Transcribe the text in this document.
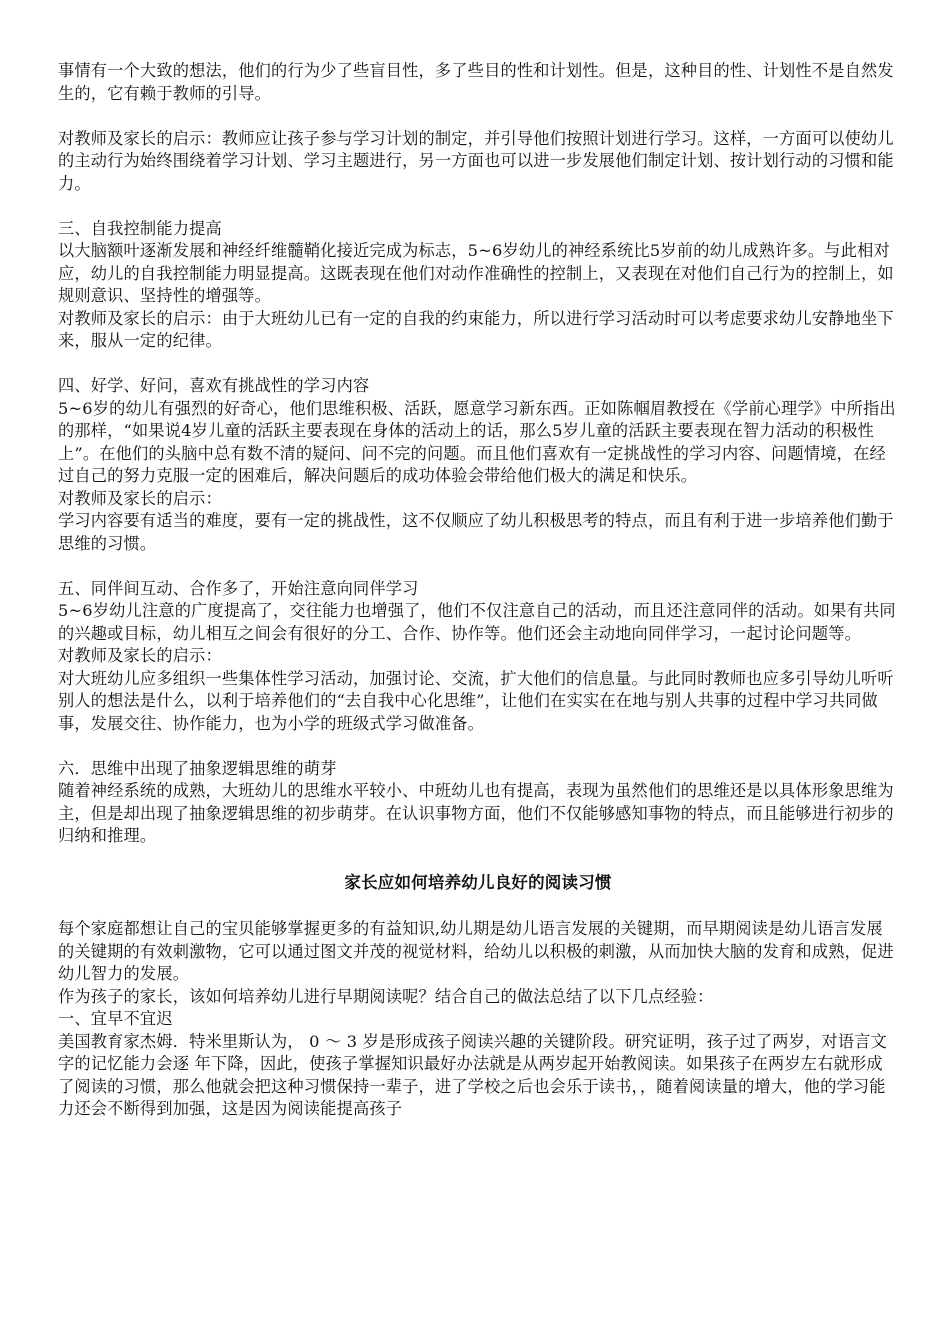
事情有一个大致的想法，他们的行为少了些盲目性，多了些目的性和计划性。但是，这种目的性、计划性不是自然发生的，它有赖于教师的引导。

对教师及家长的启示：教师应让孩子参与学习计划的制定，并引导他们按照计划进行学习。这样，一方面可以使幼儿的主动行为始终围绕着学习计划、学习主题进行，另一方面也可以进一步发展他们制定计划、按计划行动的习惯和能力。

三、自我控制能力提高

以大脑额叶逐渐发展和神经纤维髓鞘化接近完成为标志，5~6岁幼儿的神经系统比5岁前的幼儿成熟许多。与此相对应，幼儿的自我控制能力明显提高。这既表现在他们对动作准确性的控制上，又表现在对他们自己行为的控制上，如规则意识、坚持性的增强等。

对教师及家长的启示：由于大班幼儿已有一定的自我的约束能力，所以进行学习活动时可以考虑要求幼儿安静地坐下来，服从一定的纪律。

四、好学、好问，喜欢有挑战性的学习内容

5~6岁的幼儿有强烈的好奇心，他们思维积极、活跃，愿意学习新东西。正如陈帼眉教授在《学前心理学》中所指出的那样，“如果说4岁儿童的活跃主要表现在身体的活动上的话，那么5岁儿童的活跃主要表现在智力活动的积极性上”。在他们的头脑中总有数不清的疑问、问不完的问题。而且他们喜欢有一定挑战性的学习内容、问题情境，在经过自己的努力克服一定的困难后，解决问题后的成功体验会带给他们极大的满足和快乐。

对教师及家长的启示：

学习内容要有适当的难度，要有一定的挑战性，这不仅顺应了幼儿积极思考的特点，而且有利于进一步培养他们勤于思维的习惯。

五、同伴间互动、合作多了，开始注意向同伴学习

5~6岁幼儿注意的广度提高了，交往能力也增强了，他们不仅注意自己的活动，而且还注意同伴的活动。如果有共同的兴趣或目标，幼儿相互之间会有很好的分工、合作、协作等。他们还会主动地向同伴学习，一起讨论问题等。

对教师及家长的启示：

对大班幼儿应多组织一些集体性学习活动，加强讨论、交流，扩大他们的信息量。与此同时教师也应多引导幼儿听听别人的想法是什么，以利于培养他们的“去自我中心化思维”，让他们在实实在在地与别人共事的过程中学习共同做事，发展交往、协作能力，也为小学的班级式学习做准备。

六．思维中出现了抽象逻辑思维的萌芽

随着神经系统的成熟，大班幼儿的思维水平较小、中班幼儿也有提高，表现为虽然他们的思维还是以具体形象思维为主，但是却出现了抽象逻辑思维的初步萌芽。在认识事物方面，他们不仅能够感知事物的特点，而且能够进行初步的归纳和推理。

家长应如何培养幼儿良好的阅读习惯

每个家庭都想让自己的宝贝能够掌握更多的有益知识,幼儿期是幼儿语言发展的关键期，而早期阅读是幼儿语言发展的关键期的有效刺激物，它可以通过图文并茂的视觉材料，给幼儿以积极的刺激，从而加快大脑的发育和成熟，促进幼儿智力的发展。

作为孩子的家长，该如何培养幼儿进行早期阅读呢？结合自己的做法总结了以下几点经验：

一、宜早不宜迟

美国教育家杰姆．特米里斯认为， 0 ～ 3 岁是形成孩子阅读兴趣的关键阶段。研究证明，孩子过了两岁，对语言文字的记忆能力会逐 年下降，因此，使孩子掌握知识最好办法就是从两岁起开始教阅读。如果孩子在两岁左右就形成了阅读的习惯，那么他就会把这种习惯保持一辈子，进了学校之后也会乐于读书，，随着阅读量的增大，他的学习能力还会不断得到加强，这是因为阅读能提高孩子
